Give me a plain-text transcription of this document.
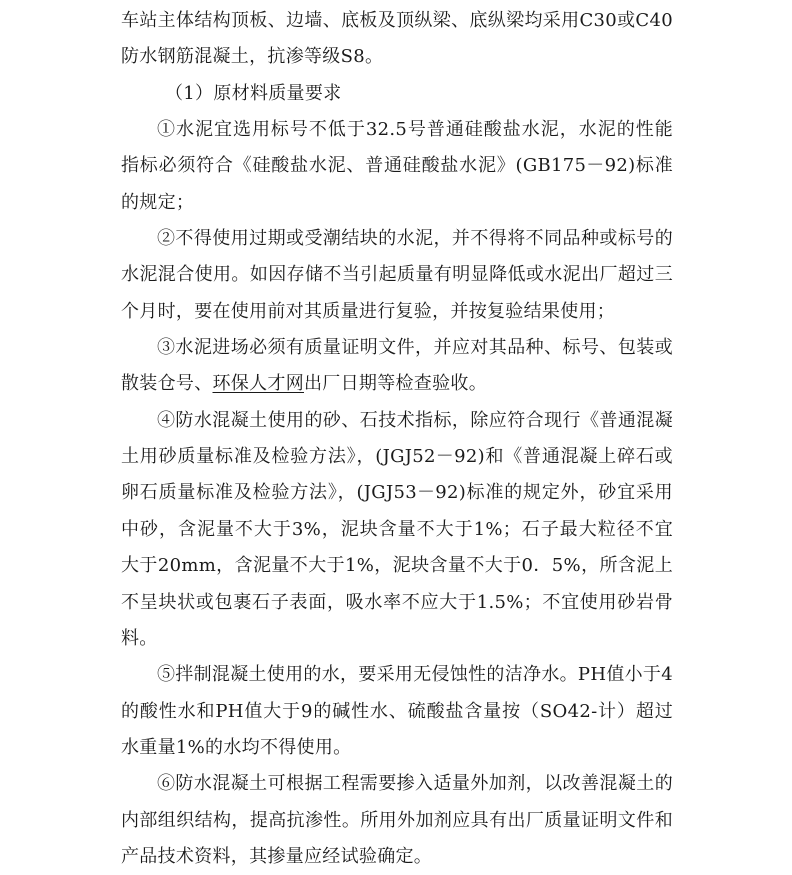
车站主体结构顶板、边墙、底板及顶纵梁、底纵梁均采用C30或C40防水钢筋混凝土，抗渗等级S8。

（1）原材料质量要求

①水泥宜选用标号不低于32.5号普通硅酸盐水泥，水泥的性能指标必须符合《硅酸盐水泥、普通硅酸盐水泥》(GB175－92)标准的规定；

②不得使用过期或受潮结块的水泥，并不得将不同品种或标号的水泥混合使用。如因存储不当引起质量有明显降低或水泥出厂超过三个月时，要在使用前对其质量进行复验，并按复验结果使用；

③水泥进场必须有质量证明文件，并应对其品种、标号、包装或散装仓号、环保人才网出厂日期等检查验收。

④防水混凝土使用的砂、石技术指标，除应符合现行《普通混凝土用砂质量标准及检验方法》，(JGJ52－92)和《普通混凝上碎石或卵石质量标准及检验方法》，(JGJ53－92)标准的规定外，砂宜采用中砂，含泥量不大于3%，泥块含量不大于1%；石子最大粒径不宜大于20mm，含泥量不大于1%，泥块含量不大于0．5%，所含泥上不呈块状或包裹石子表面，吸水率不应大于1.5%；不宜使用砂岩骨料。

⑤拌制混凝土使用的水，要采用无侵蚀性的洁净水。PH值小于4的酸性水和PH值大于9的碱性水、硫酸盐含量按（SO42-计）超过水重量1%的水均不得使用。

⑥防水混凝土可根据工程需要掺入适量外加剂，以改善混凝土的内部组织结构，提高抗渗性。所用外加剂应具有出厂质量证明文件和产品技术资料，其掺量应经试验确定。
